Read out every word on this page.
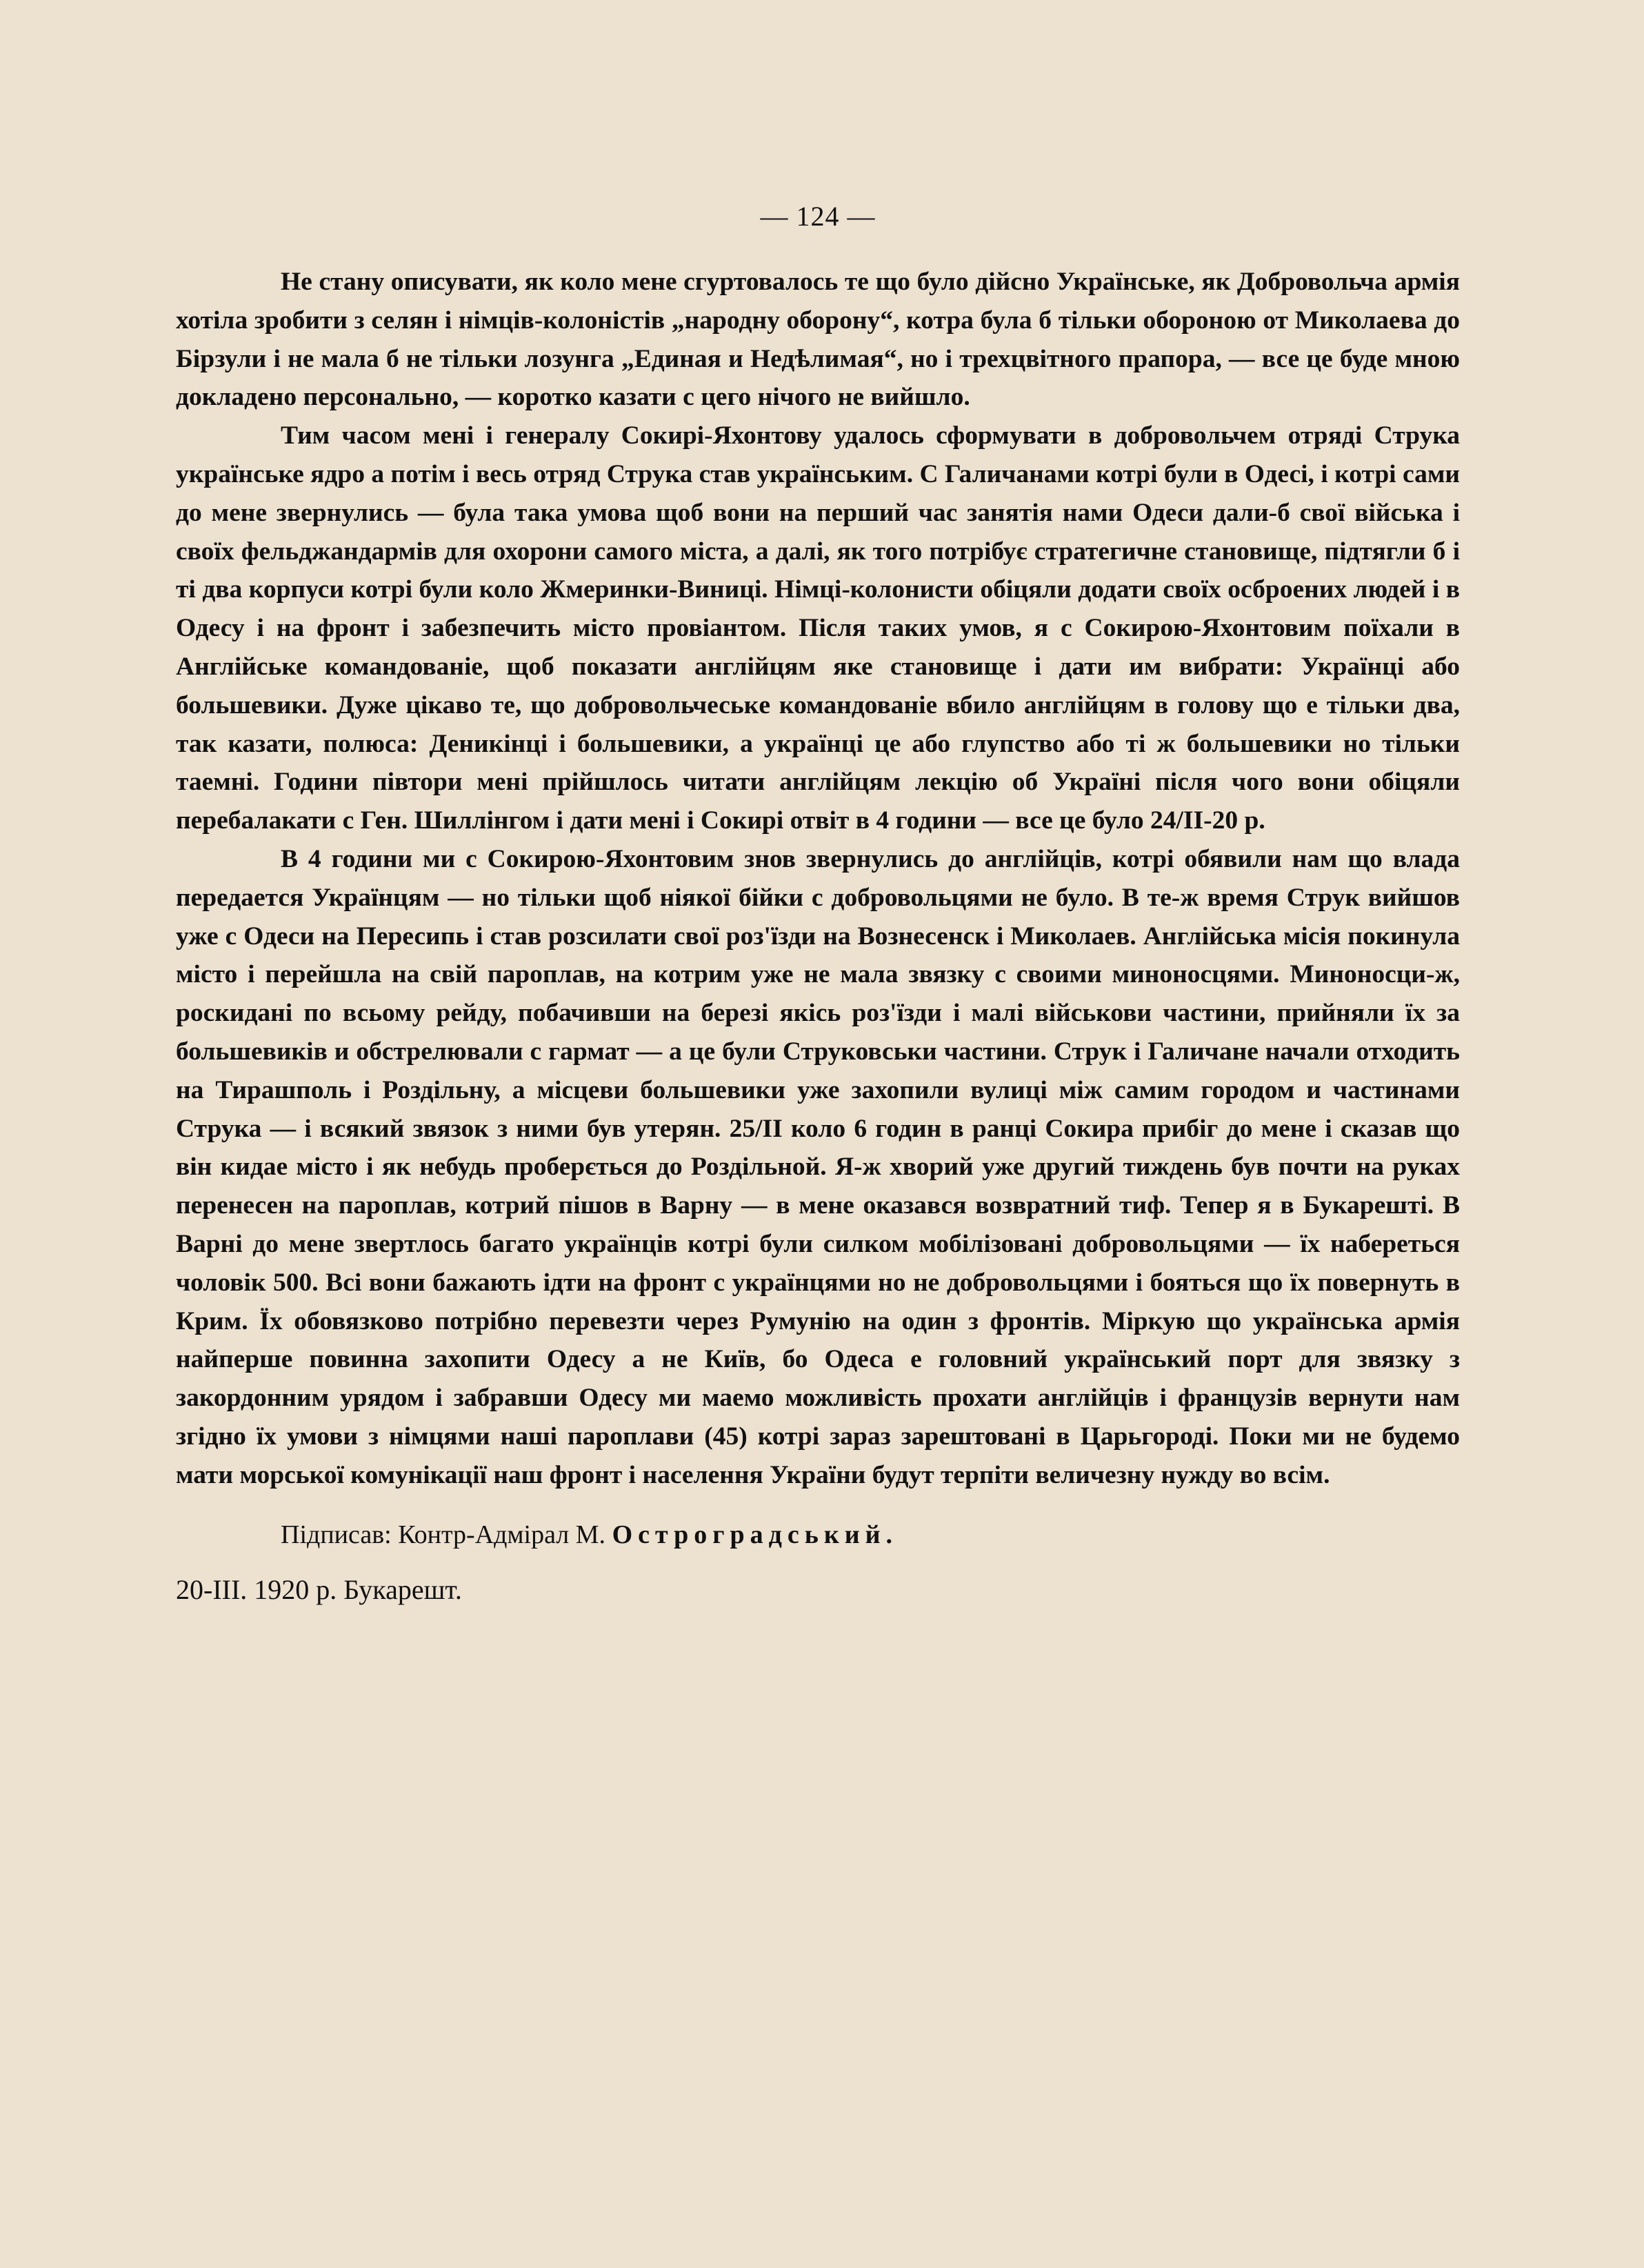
— 124 —

Не стану описувати, як коло мене сгуртовалось те що було дійсно Українське, як Добровольча армія хотіла зробити з селян і німців-колоністів „народну оборону“, котра була б тільки обороною от Миколаева до Бірзули і не мала б не тільки лозунга „Единая и Недѣлимая“, но і трехцвітного прапора, — все це буде мною докладено персонально, — коротко казати с цего нічого не вийшло.

Тим часом мені і генералу Сокирі-Яхонтову удалось сформувати в добровольчем отряді Струка українське ядро а потім і весь отряд Струка став українським. С Галичанами котрі були в Одесі, і котрі сами до мене звернулись — була така умова щоб вони на перший час занятія нами Одеси дали-б свої війська і своїх фельджандармів для охорони самого міста, а далі, як того потрібує стратегичне становище, підтягли б і ті два корпуси котрі були коло Жмеринки-Виниці. Німці-колонисти обіцяли додати своїх осброених людей і в Одесу і на фронт і забезпечить місто провіантом. Після таких умов, я с Сокирою-Яхонтовим поїхали в Англійське командованіе, щоб показати англійцям яке становище і дати им вибрати: Українці або большевики. Дуже цікаво те, що добровольчеськe командованіе вбило англійцям в голову що е тільки два, так казати, полюса: Деникінці і большевики, а українці це або глупство або ті ж большевики но тільки таемні. Години півтори мені прійшлось читати англійцям лекцію об Україні після чого вони обіцяли перебалакати с Ген. Шиллінгом і дати мені і Сокирі отвіт в 4 години — все це було 24/II-20 р.

В 4 години ми с Сокирою-Яхонтовим знов звернулись до англійців, котрі обявили нам що влада передается Українцям — но тільки щоб ніякої бійки с добровольцями не було. В те-ж время Струк вийшов уже с Одеси на Пересипь і став розсилати свої роз'їзди на Вознесенск і Миколаев. Англійська місія покинула місто і перейшла на свій пароплав, на котрим уже не мала звязку с своими миноносцями. Миноносци-ж, роскидані по всьому рейду, побачивши на березі якісь роз'їзди і малі військови частини, прийняли їх за большевиків и обстрелювали с гармат — а це були Струковськи частини. Струк і Галичане начали отходить на Тирашполь і Роздільну, а місцеви большевики уже захопили вулиці між самим городом и частинами Струка — і всякий звязок з ними був утерян. 25/II коло 6 годин в ранці Сокира прибіг до мене і сказав що він кидае місто і як небудь проберється до Роздільной. Я-ж хворий уже другий тиждень був почти на руках перенесен на пароплав, котрий пішов в Варну — в мене оказався возвратний тиф. Тепер я в Букарешті. В Варні до мене звертлось багато українців котрі були силком мобілізовані добровольцями — їх набереться чоловік 500. Всі вони бажають ідти на фронт с українцями но не добровольцями і бояться що їх повернуть в Крим. Їх обовязково потрібно перевезти через Румунію на один з фронтів. Міркую що українська армія найперше повинна захопити Одесу а не Київ, бо Одеса е головний український порт для звязку з закордонним урядом і забравши Одесу ми маемо можливість прохати англійців і французів вернути нам згідно їх умови з німцями наші пароплави (45) котрі зараз зарештовані в Царьгороді. Поки ми не будемо мати морської комунікації наш фронт і населення України будут терпіти величезну нужду во всім.

Підписав: Контр-Адмірал М. Остроградський.
20-III. 1920 р. Букарешт.
